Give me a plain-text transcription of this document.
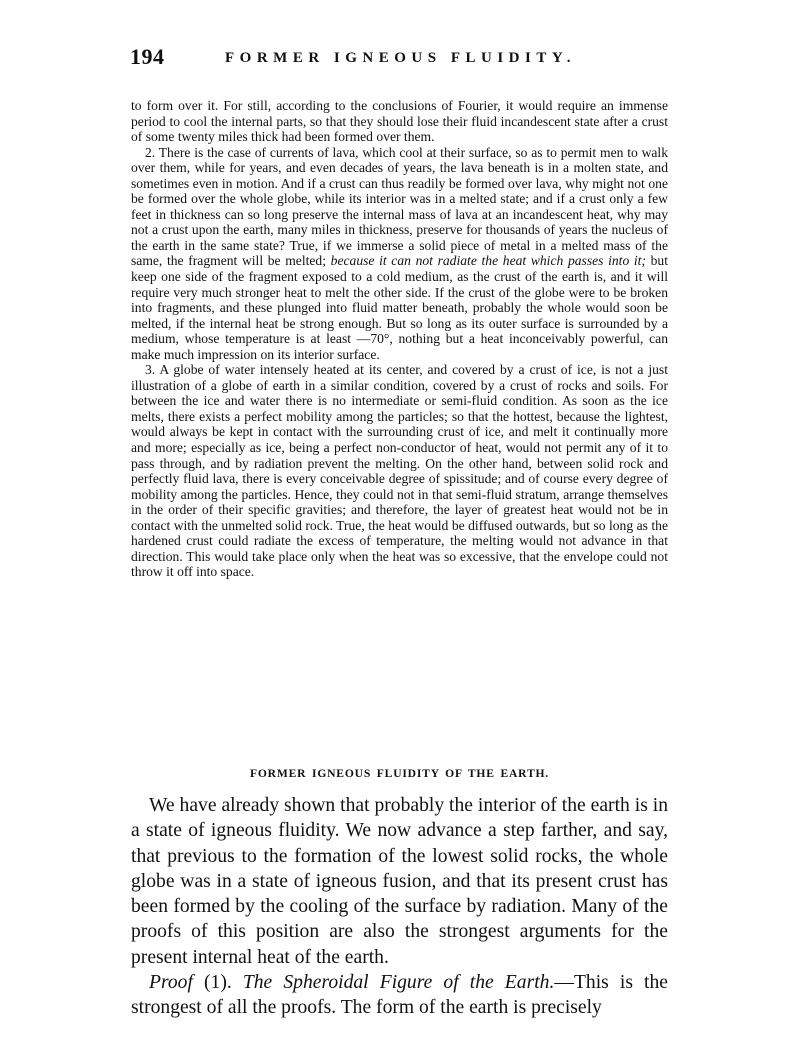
194	FORMER IGNEOUS FLUIDITY.

to form over it. For still, according to the conclusions of Fourier, it would require an immense period to cool the internal parts, so that they should lose their fluid incandescent state after a crust of some twenty miles thick had been formed over them.

2. There is the case of currents of lava, which cool at their surface, so as to permit men to walk over them, while for years, and even decades of years, the lava beneath is in a molten state, and sometimes even in motion. And if a crust can thus readily be formed over lava, why might not one be formed over the whole globe, while its interior was in a melted state; and if a crust only a few feet in thickness can so long preserve the internal mass of lava at an incandescent heat, why may not a crust upon the earth, many miles in thickness, preserve for thousands of years the nucleus of the earth in the same state? True, if we immerse a solid piece of metal in a melted mass of the same, the fragment will be melted; because it can not radiate the heat which passes into it; but keep one side of the fragment exposed to a cold medium, as the crust of the earth is, and it will require very much stronger heat to melt the other side. If the crust of the globe were to be broken into fragments, and these plunged into fluid matter beneath, probably the whole would soon be melted, if the internal heat be strong enough. But so long as its outer surface is surrounded by a medium, whose temperature is at least —70°, nothing but a heat inconceivably powerful, can make much impression on its interior surface.

3. A globe of water intensely heated at its center, and covered by a crust of ice, is not a just illustration of a globe of earth in a similar condition, covered by a crust of rocks and soils. For between the ice and water there is no intermediate or semi-fluid condition. As soon as the ice melts, there exists a perfect mobility among the particles; so that the hottest, because the lightest, would always be kept in contact with the surrounding crust of ice, and melt it continually more and more; especially as ice, being a perfect non-conductor of heat, would not permit any of it to pass through, and by radiation prevent the melting. On the other hand, between solid rock and perfectly fluid lava, there is every conceivable degree of spissitude; and of course every degree of mobility among the particles. Hence, they could not in that semi-fluid stratum, arrange themselves in the order of their specific gravities; and therefore, the layer of greatest heat would not be in contact with the unmelted solid rock. True, the heat would be diffused outwards, but so long as the hardened crust could radiate the excess of temperature, the melting would not advance in that direction. This would take place only when the heat was so excessive, that the envelope could not throw it off into space.

FORMER IGNEOUS FLUIDITY OF THE EARTH.

We have already shown that probably the interior of the earth is in a state of igneous fluidity. We now advance a step farther, and say, that previous to the formation of the lowest solid rocks, the whole globe was in a state of igneous fusion, and that its present crust has been formed by the cooling of the surface by radiation. Many of the proofs of this position are also the strongest arguments for the present internal heat of the earth.

Proof (1). The Spheroidal Figure of the Earth.—This is the strongest of all the proofs. The form of the earth is precisely
